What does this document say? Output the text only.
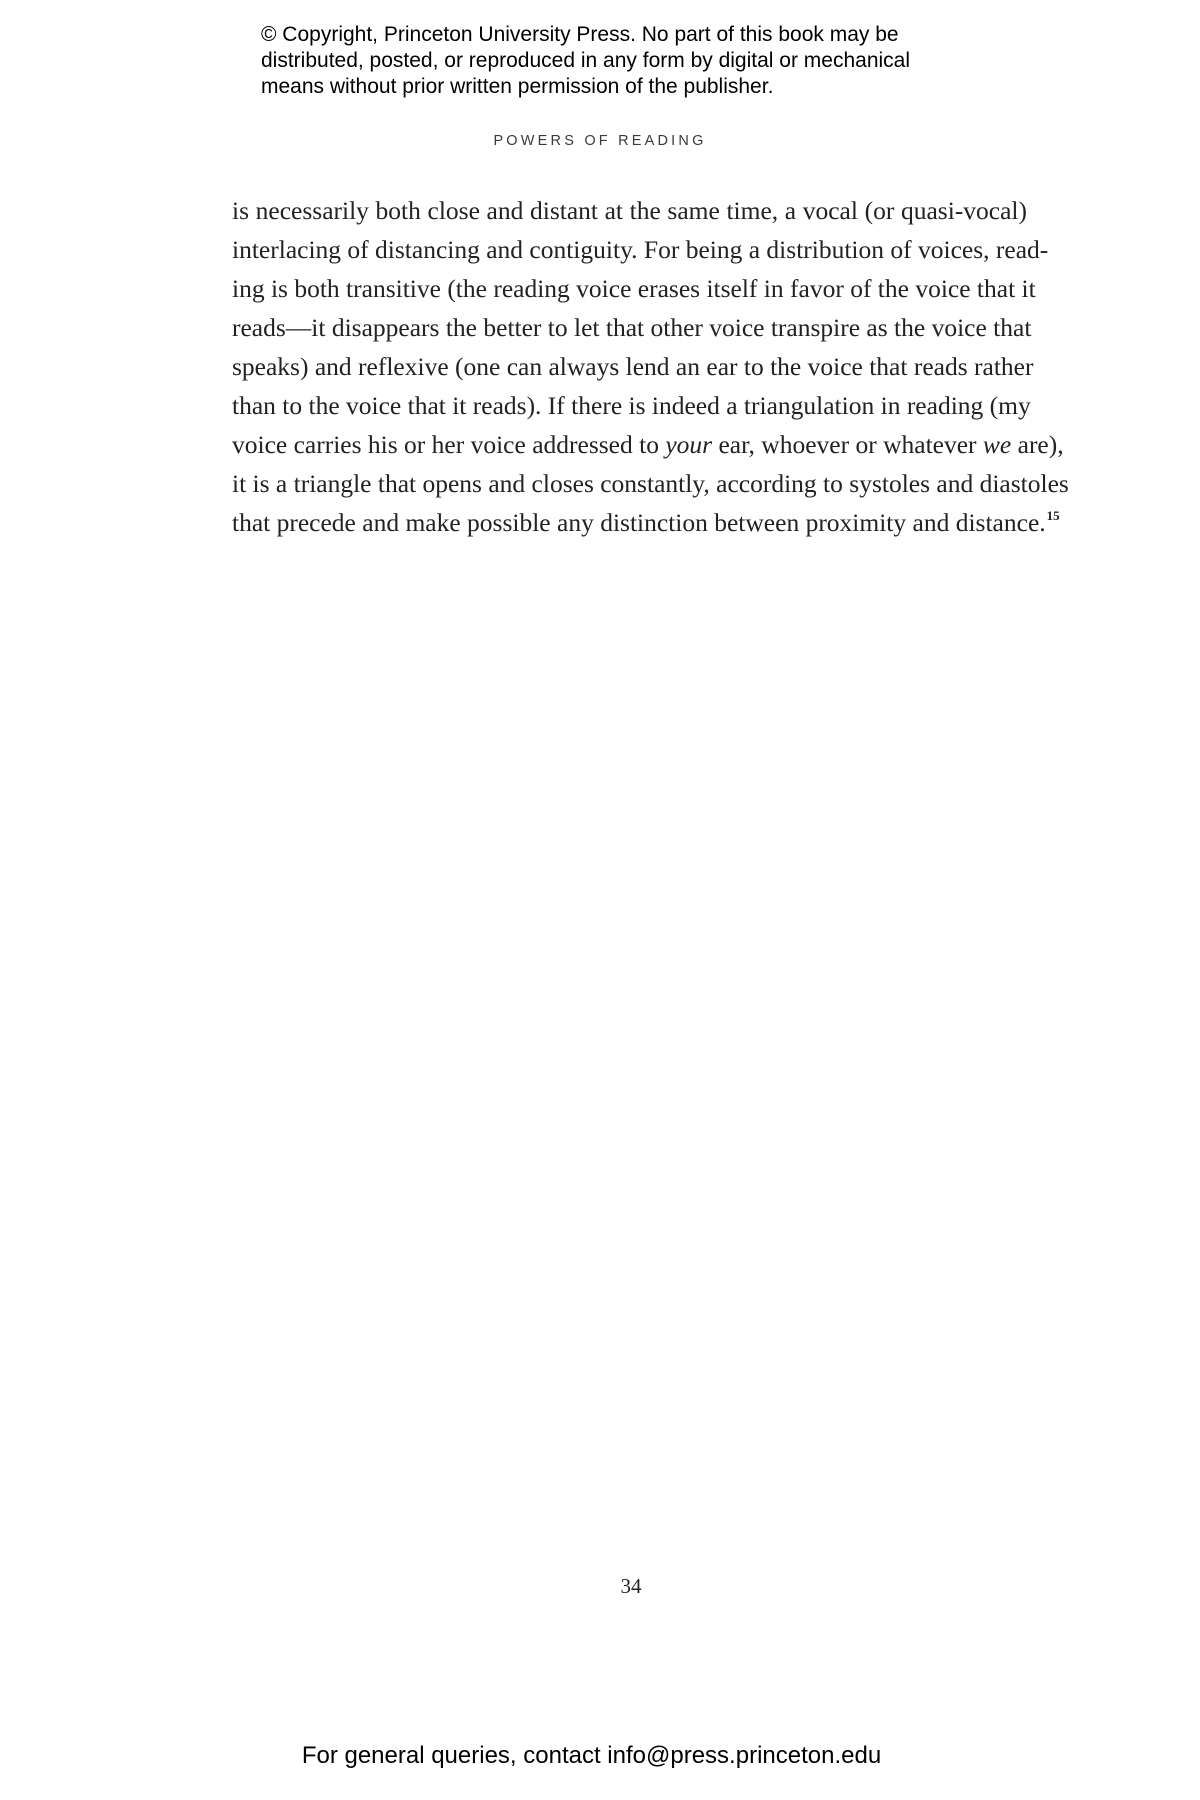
© Copyright, Princeton University Press. No part of this book may be
distributed, posted, or reproduced in any form by digital or mechanical
means without prior written permission of the publisher.
POWERS OF READING
is necessarily both close and distant at the same time, a vocal (or quasi-vocal)
interlacing of distancing and contiguity. For being a distribution of voices, read-
ing is both transitive (the reading voice erases itself in favor of the voice that it
reads—it disappears the better to let that other voice transpire as the voice that
speaks) and reflexive (one can always lend an ear to the voice that reads rather
than to the voice that it reads). If there is indeed a triangulation in reading (my
voice carries his or her voice addressed to your ear, whoever or whatever we are),
it is a triangle that opens and closes constantly, according to systoles and diastoles
that precede and make possible any distinction between proximity and distance.$^{15}$
34
For general queries, contact info@press.princeton.edu
